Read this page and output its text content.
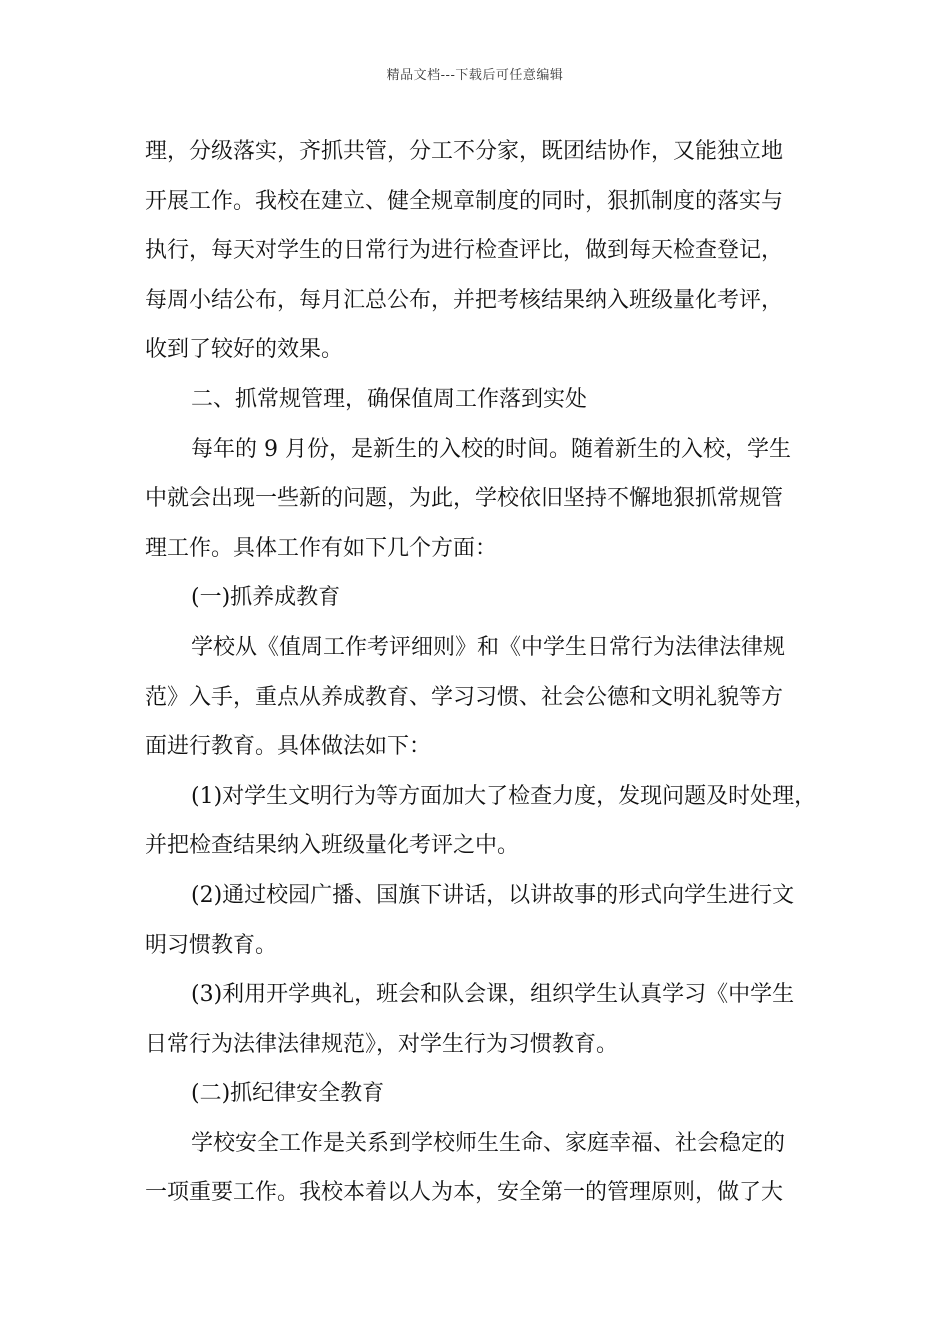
精品文档---下载后可任意编辑
理，分级落实，齐抓共管，分工不分家，既团结协作，又能独立地
开展工作。我校在建立、健全规章制度的同时，狠抓制度的落实与
执行，每天对学生的日常行为进行检查评比，做到每天检查登记，
每周小结公布，每月汇总公布，并把考核结果纳入班级量化考评，
收到了较好的效果。
二、抓常规管理，确保值周工作落到实处
每年的 9 月份，是新生的入校的时间。随着新生的入校，学生
中就会出现一些新的问题，为此，学校依旧坚持不懈地狠抓常规管
理工作。具体工作有如下几个方面：
(一)抓养成教育
学校从《值周工作考评细则》和《中学生日常行为法律法律规
范》入手，重点从养成教育、学习习惯、社会公德和文明礼貌等方
面进行教育。具体做法如下：
(1)对学生文明行为等方面加大了检查力度，发现问题及时处理，
并把检查结果纳入班级量化考评之中。
(2)通过校园广播、国旗下讲话，以讲故事的形式向学生进行文
明习惯教育。
(3)利用开学典礼，班会和队会课，组织学生认真学习《中学生
日常行为法律法律规范》，对学生行为习惯教育。
(二)抓纪律安全教育
学校安全工作是关系到学校师生生命、家庭幸福、社会稳定的
一项重要工作。我校本着以人为本，安全第一的管理原则，做了大
